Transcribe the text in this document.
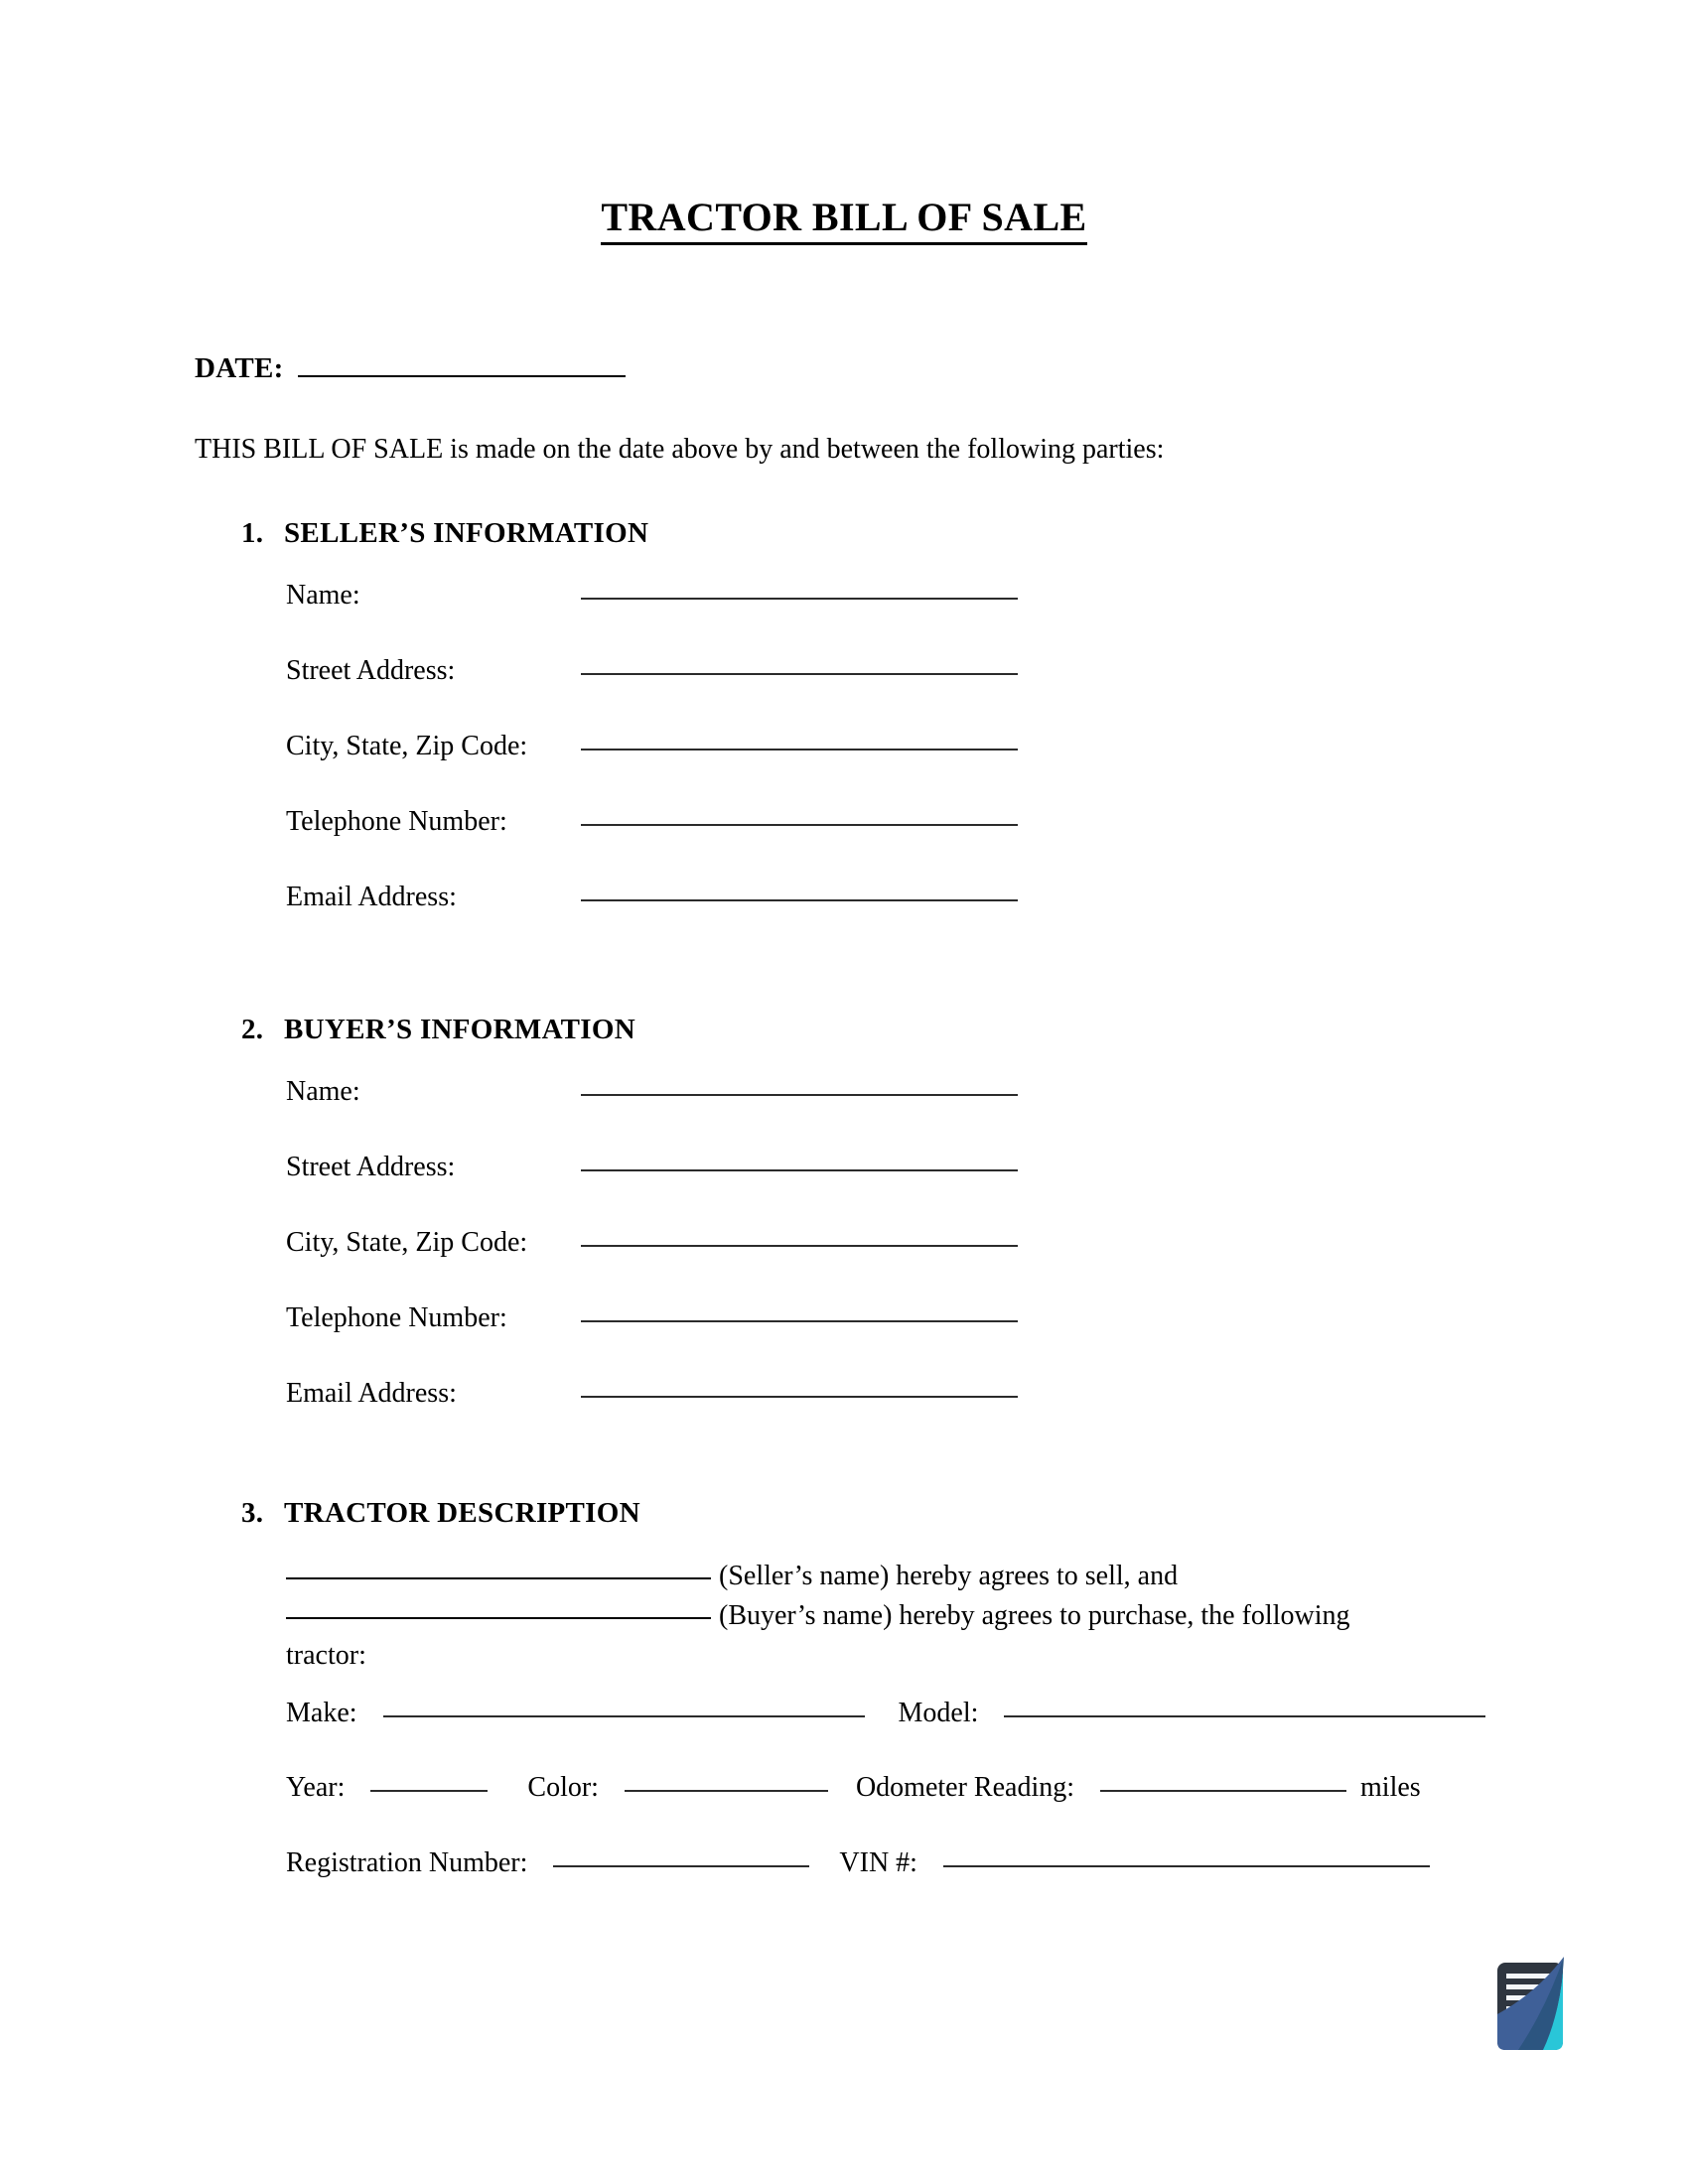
TRACTOR BILL OF SALE
DATE:
THIS BILL OF SALE is made on the date above by and between the following parties:
1. SELLER’S INFORMATION
Name:
Street Address:
City, State, Zip Code:
Telephone Number:
Email Address:
2. BUYER’S INFORMATION
Name:
Street Address:
City, State, Zip Code:
Telephone Number:
Email Address:
3. TRACTOR DESCRIPTION
(Seller’s name) hereby agrees to sell, and
(Buyer’s name) hereby agrees to purchase, the following
tractor:
Make:	Model:
Year:	Color:	Odometer Reading:	miles
Registration Number:	VIN #:
